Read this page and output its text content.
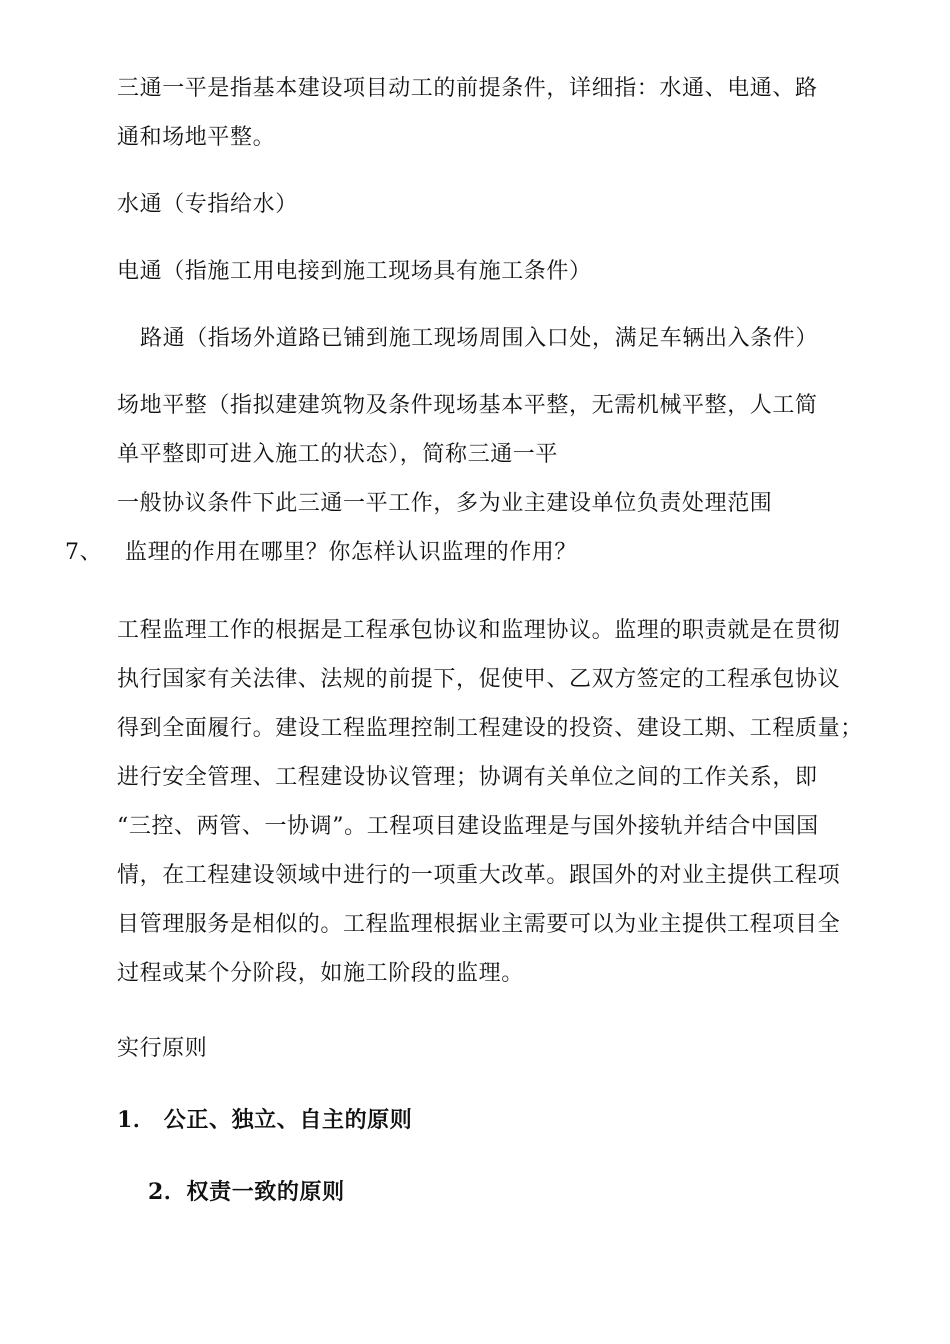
三通一平是指基本建设项目动工的前提条件，详细指：水通、电通、路
通和场地平整。
水通（专指给水）
电通（指施工用电接到施工现场具有施工条件）
路通（指场外道路已铺到施工现场周围入口处，满足车辆出入条件）
场地平整（指拟建建筑物及条件现场基本平整，无需机械平整，人工简
单平整即可进入施工的状态），简称三通一平
一般协议条件下此三通一平工作，多为业主建设单位负责处理范围
7、 监理的作用在哪里？你怎样认识监理的作用？
工程监理工作的根据是工程承包协议和监理协议。监理的职责就是在贯彻
执行国家有关法律、法规的前提下，促使甲、乙双方签定的工程承包协议
得到全面履行。建设工程监理控制工程建设的投资、建设工期、工程质量；
进行安全管理、工程建设协议管理；协调有关单位之间的工作关系，即
“三控、两管、一协调”。工程项目建设监理是与国外接轨并结合中国国
情，在工程建设领域中进行的一项重大改革。跟国外的对业主提供工程项
目管理服务是相似的。工程监理根据业主需要可以为业主提供工程项目全
过程或某个分阶段，如施工阶段的监理。
实行原则
1． 公正、独立、自主的原则
2．权责一致的原则
